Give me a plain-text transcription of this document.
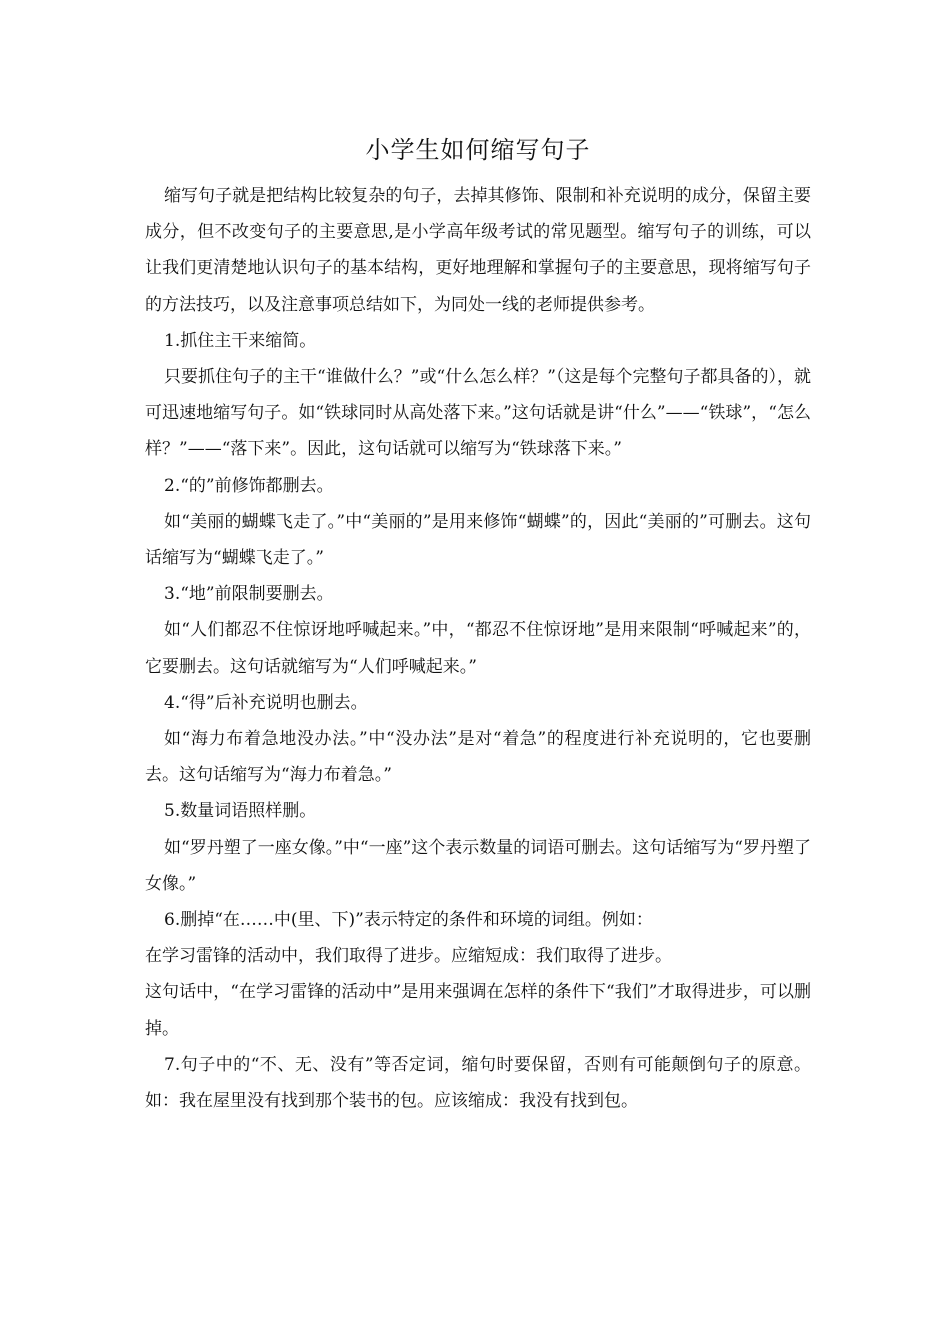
小学生如何缩写句子

缩写句子就是把结构比较复杂的句子，去掉其修饰、限制和补充说明的成分，保留主要成分，但不改变句子的主要意思,是小学高年级考试的常见题型。缩写句子的训练，可以让我们更清楚地认识句子的基本结构，更好地理解和掌握句子的主要意思，现将缩写句子的方法技巧，以及注意事项总结如下，为同处一线的老师提供参考。

1.抓住主干来缩简。

只要抓住句子的主干“谁做什么？”或“什么怎么样？”（这是每个完整句子都具备的），就可迅速地缩写句子。如“铁球同时从高处落下来。”这句话就是讲“什么”——“铁球”，“怎么样？”——“落下来”。因此，这句话就可以缩写为“铁球落下来。”

2.“的”前修饰都删去。

如“美丽的蝴蝶飞走了。”中“美丽的”是用来修饰“蝴蝶”的，因此“美丽的”可删去。这句话缩写为“蝴蝶飞走了。”

3.“地”前限制要删去。

如“人们都忍不住惊讶地呼喊起来。”中，“都忍不住惊讶地”是用来限制“呼喊起来”的，它要删去。这句话就缩写为“人们呼喊起来。”

4.“得”后补充说明也删去。

如“海力布着急地没办法。”中“没办法”是对“着急”的程度进行补充说明的，它也要删去。这句话缩写为“海力布着急。”

5.数量词语照样删。

如“罗丹塑了一座女像。”中“一座”这个表示数量的词语可删去。这句话缩写为“罗丹塑了女像。”

6.删掉“在……中(里、下)”表示特定的条件和环境的词组。例如：

在学习雷锋的活动中，我们取得了进步。应缩短成：我们取得了进步。

这句话中，“在学习雷锋的活动中”是用来强调在怎样的条件下“我们”才取得进步，可以删掉。

7.句子中的“不、无、没有”等否定词，缩句时要保留，否则有可能颠倒句子的原意。如：我在屋里没有找到那个装书的包。应该缩成：我没有找到包。
